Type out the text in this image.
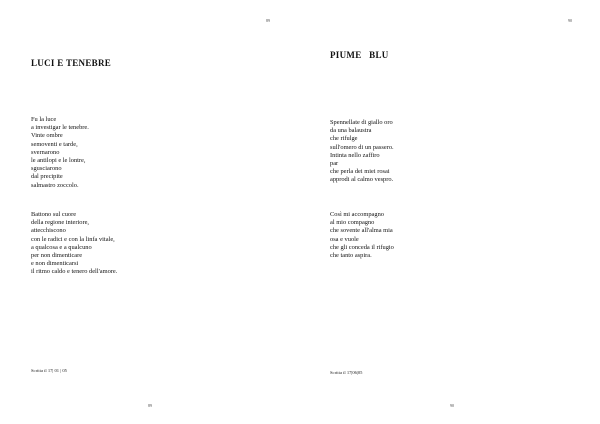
89
LUCI E TENEBRE
Fu la luce
a investigar le tenebre.
Vinte ombre
semoventi e tarde,
svernarono
le antilopi e le lontre,
sgusciarono
dal precipite
salmastro zoccolo.
Battono sul cuore
della regione interiore,
attecchiscono
con le radici e con la linfa vitale,
a qualcosa e a qualcuno
per non dimenticare
e non dimenticarsi
il ritmo caldo e tenero dell'amore.
Scritta il 17| 01 | 05
89
90
PIUME   BLU
Spennellate di giallo oro
da una balaustra
che rifulge
sull'omero di un passero.
Intinta nello zaffiro
par
che perla dei miei rosai
approdi al calmo vespro.
Così mi accompagno
al mio compagno
che sovente all'alma mia
osa e vuole
che gli conceda il rifugio
che tanto aspira.
Scritta il 17|06|05
90
